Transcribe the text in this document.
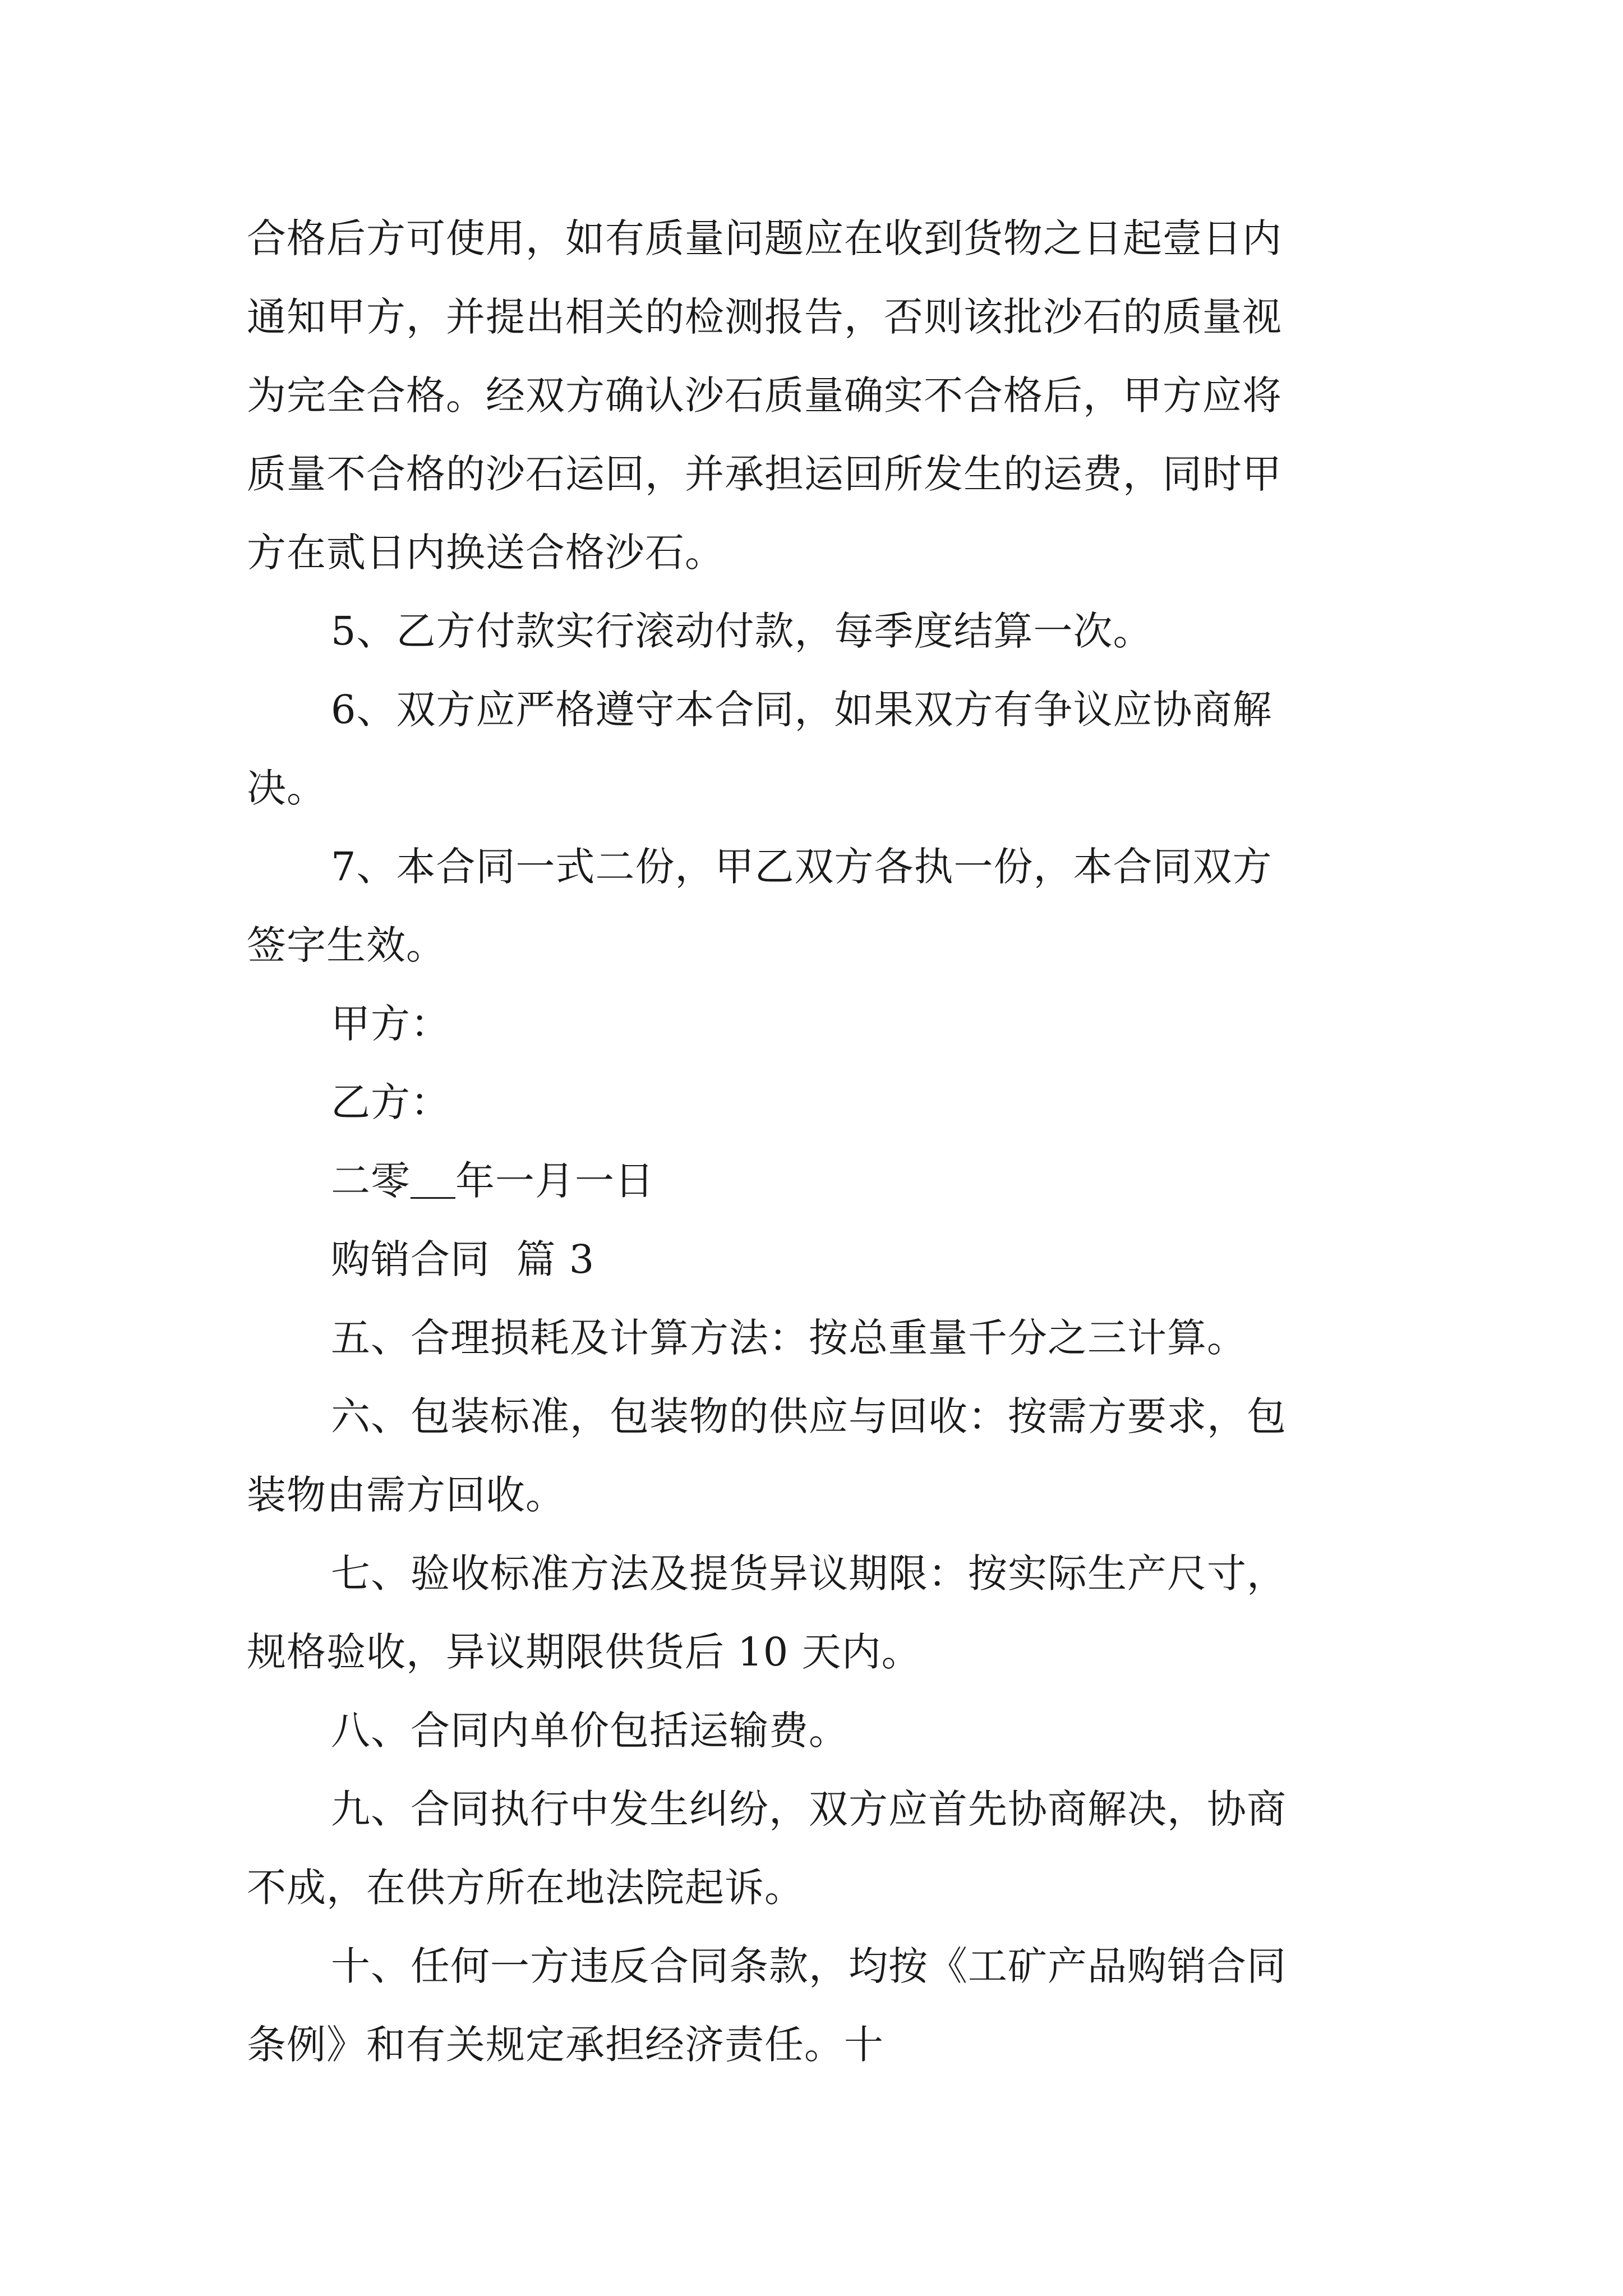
合格后方可使用，如有质量问题应在收到货物之日起壹日内

通知甲方，并提出相关的检测报告，否则该批沙石的质量视

为完全合格。经双方确认沙石质量确实不合格后，甲方应将

质量不合格的沙石运回，并承担运回所发生的运费，同时甲

方在贰日内换送合格沙石。

5、乙方付款实行滚动付款，每季度结算一次。

6、双方应严格遵守本合同，如果双方有争议应协商解

决。

7、本合同一式二份，甲乙双方各执一份，本合同双方

签字生效。

甲方：

乙方：

二零 年一月一日

购销合同  篇 3

五、合理损耗及计算方法：按总重量千分之三计算。

六、包装标准，包装物的供应与回收：按需方要求，包

装物由需方回收。

七、验收标准方法及提货异议期限：按实际生产尺寸，

规格验收，异议期限供货后 10 天内。

八、合同内单价包括运输费。

九、合同执行中发生纠纷，双方应首先协商解决，协商

不成，在供方所在地法院起诉。

十、任何一方违反合同条款，均按《工矿产品购销合同

条例》和有关规定承担经济责任。十
